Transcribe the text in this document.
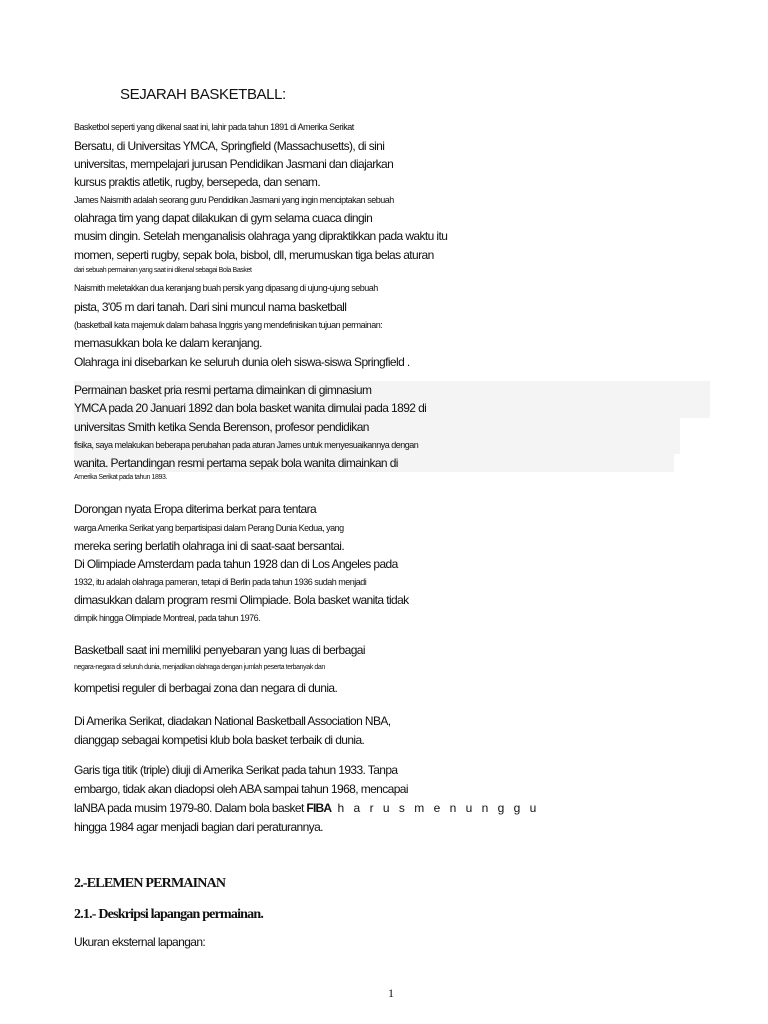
SEJARAH BASKETBALL:
Basketbol seperti yang dikenal saat ini, lahir pada tahun 1891 di Amerika Serikat
Bersatu, di Universitas YMCA, Springfield (Massachusetts), di sini
universitas, mempelajari jurusan Pendidikan Jasmani dan diajarkan
kursus praktis atletik, rugby, bersepeda, dan senam.
James Naismith adalah seorang guru Pendidikan Jasmani yang ingin menciptakan sebuah
olahraga tim yang dapat dilakukan di gym selama cuaca dingin
musim dingin. Setelah menganalisis olahraga yang dipraktikkan pada waktu itu
momen, seperti rugby, sepak bola, bisbol, dll, merumuskan tiga belas aturan
dari sebuah permainan yang saat ini dikenal sebagai Bola Basket
Naismith meletakkan dua keranjang buah persik yang dipasang di ujung-ujung sebuah
pista, 3'05 m dari tanah. Dari sini muncul nama basketball
(basketball kata majemuk dalam bahasa Inggris yang mendefinisikan tujuan permainan:
memasukkan bola ke dalam keranjang.
Olahraga ini disebarkan ke seluruh dunia oleh siswa-siswa Springfield .
Permainan basket pria resmi pertama dimainkan di gimnasium
YMCA pada 20 Januari 1892 dan bola basket wanita dimulai pada 1892 di
universitas Smith ketika Senda Berenson, profesor pendidikan
fisika, saya melakukan beberapa perubahan pada aturan James untuk menyesuaikannya dengan
wanita. Pertandingan resmi pertama sepak bola wanita dimainkan di
Amerika Serikat pada tahun 1893.
Dorongan nyata Eropa diterima berkat para tentara
warga Amerika Serikat yang berpartisipasi dalam Perang Dunia Kedua, yang
mereka sering berlatih olahraga ini di saat-saat bersantai.
Di Olimpiade Amsterdam pada tahun 1928 dan di Los Angeles pada
1932, itu adalah olahraga pameran, tetapi di Berlin pada tahun 1936 sudah menjadi
dimasukkan dalam program resmi Olimpiade. Bola basket wanita tidak
dimpik hingga Olimpiade Montreal, pada tahun 1976.
Basketball saat ini memiliki penyebaran yang luas di berbagai
negara-negara di seluruh dunia, menjadikan olahraga dengan jumlah peserta terbanyak dan
kompetisi reguler di berbagai zona dan negara di dunia.
Di Amerika Serikat, diadakan National Basketball Association NBA,
dianggap sebagai kompetisi klub bola basket terbaik di dunia.
Garis tiga titik (triple) diuji di Amerika Serikat pada tahun 1933. Tanpa
embargo, tidak akan diadopsi oleh ABA sampai tahun 1968, mencapai
laNBA pada musim 1979-80. Dalam bola basket FIBA h a r u s m e n u n g g u
hingga 1984 agar menjadi bagian dari peraturannya.
2.-ELEMEN PERMAINAN
2.1.- Deskripsi lapangan permainan.
Ukuran eksternal lapangan:
1
